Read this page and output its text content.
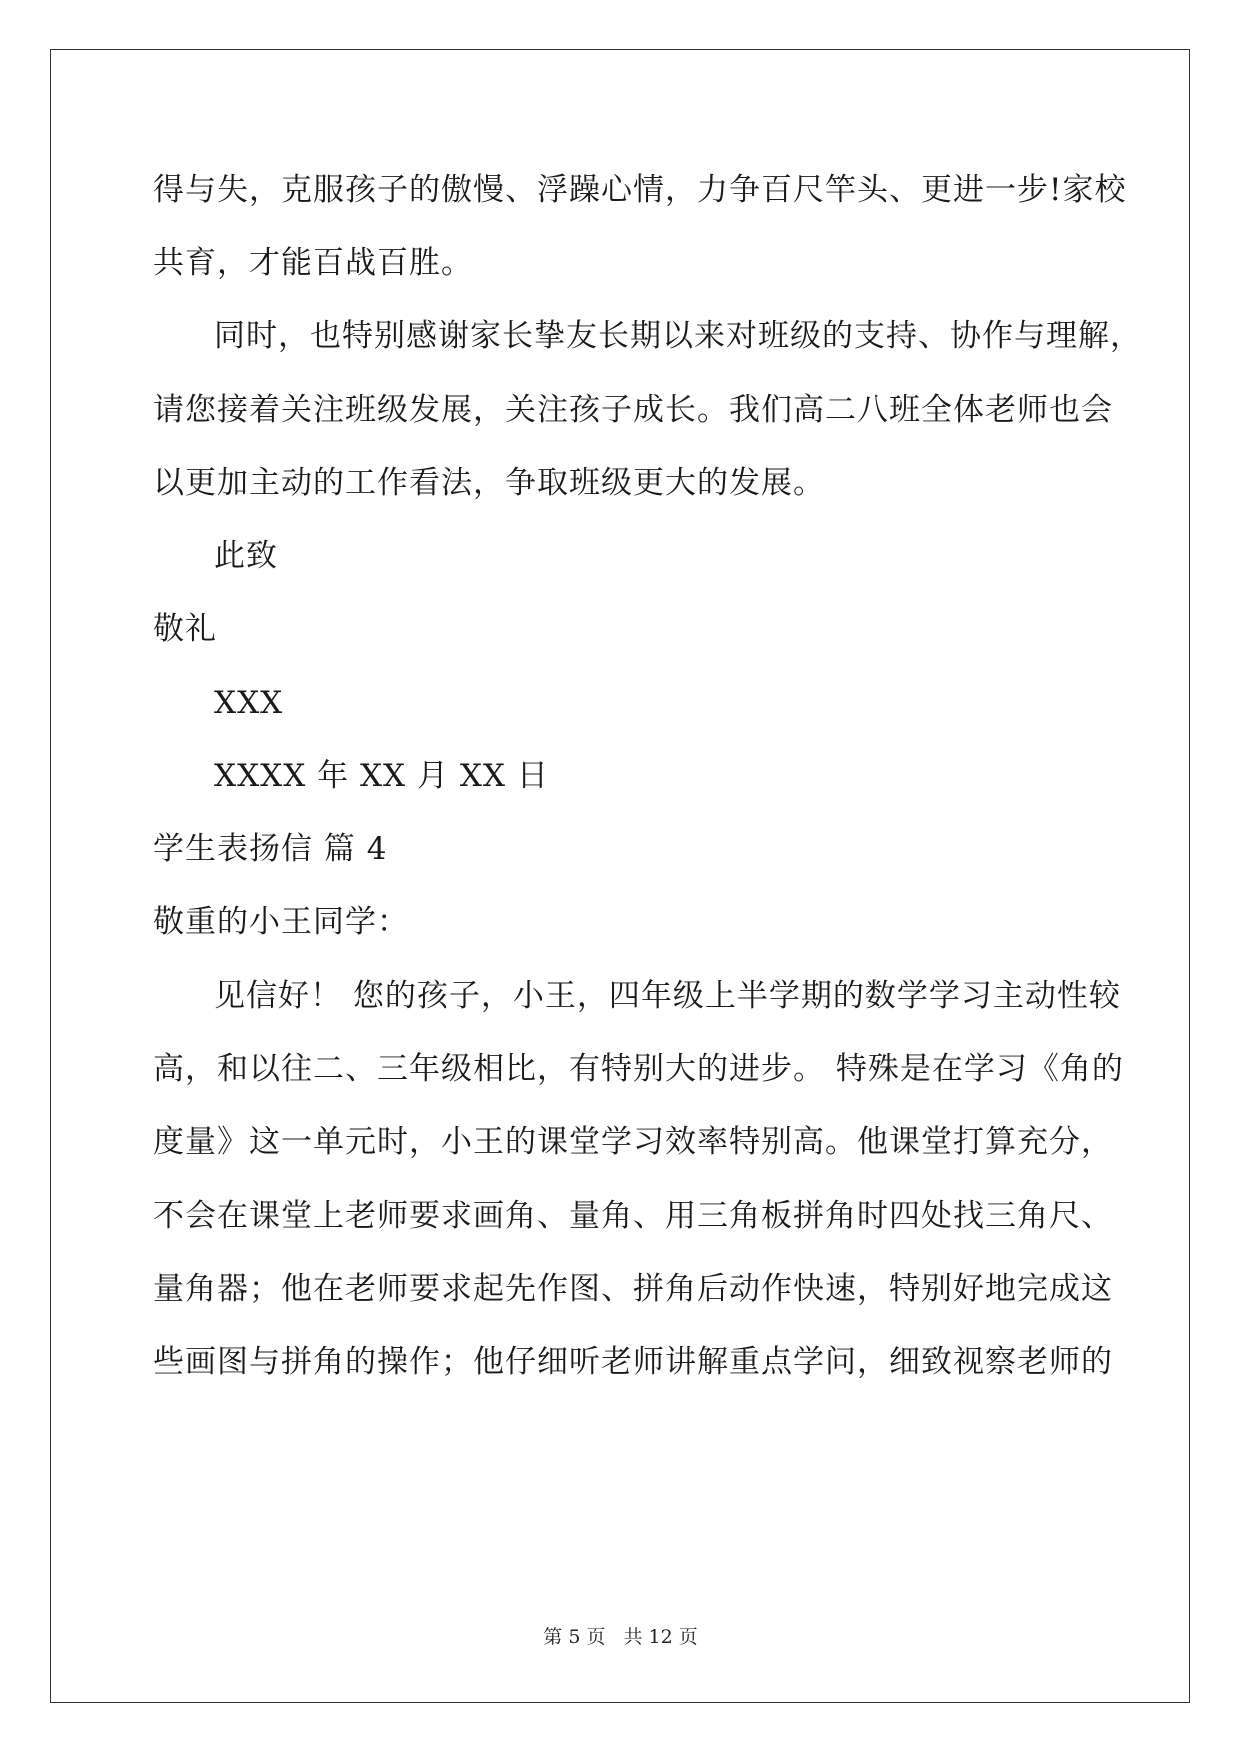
得与失，克服孩子的傲慢、浮躁心情，力争百尺竿头、更进一步!家校
共育，才能百战百胜。
同时，也特别感谢家长挚友长期以来对班级的支持、协作与理解，
请您接着关注班级发展，关注孩子成长。我们高二八班全体老师也会
以更加主动的工作看法，争取班级更大的发展。
此致
敬礼
XXX
XXXX 年 XX 月 XX 日
学生表扬信 篇 4
敬重的小王同学：
见信好！ 您的孩子，小王，四年级上半学期的数学学习主动性较
高，和以往二、三年级相比，有特别大的进步。 特殊是在学习《角的
度量》这一单元时，小王的课堂学习效率特别高。他课堂打算充分，
不会在课堂上老师要求画角、量角、用三角板拼角时四处找三角尺、
量角器；他在老师要求起先作图、拼角后动作快速，特别好地完成这
些画图与拼角的操作；他仔细听老师讲解重点学问，细致视察老师的
第 5 页 共 12 页
